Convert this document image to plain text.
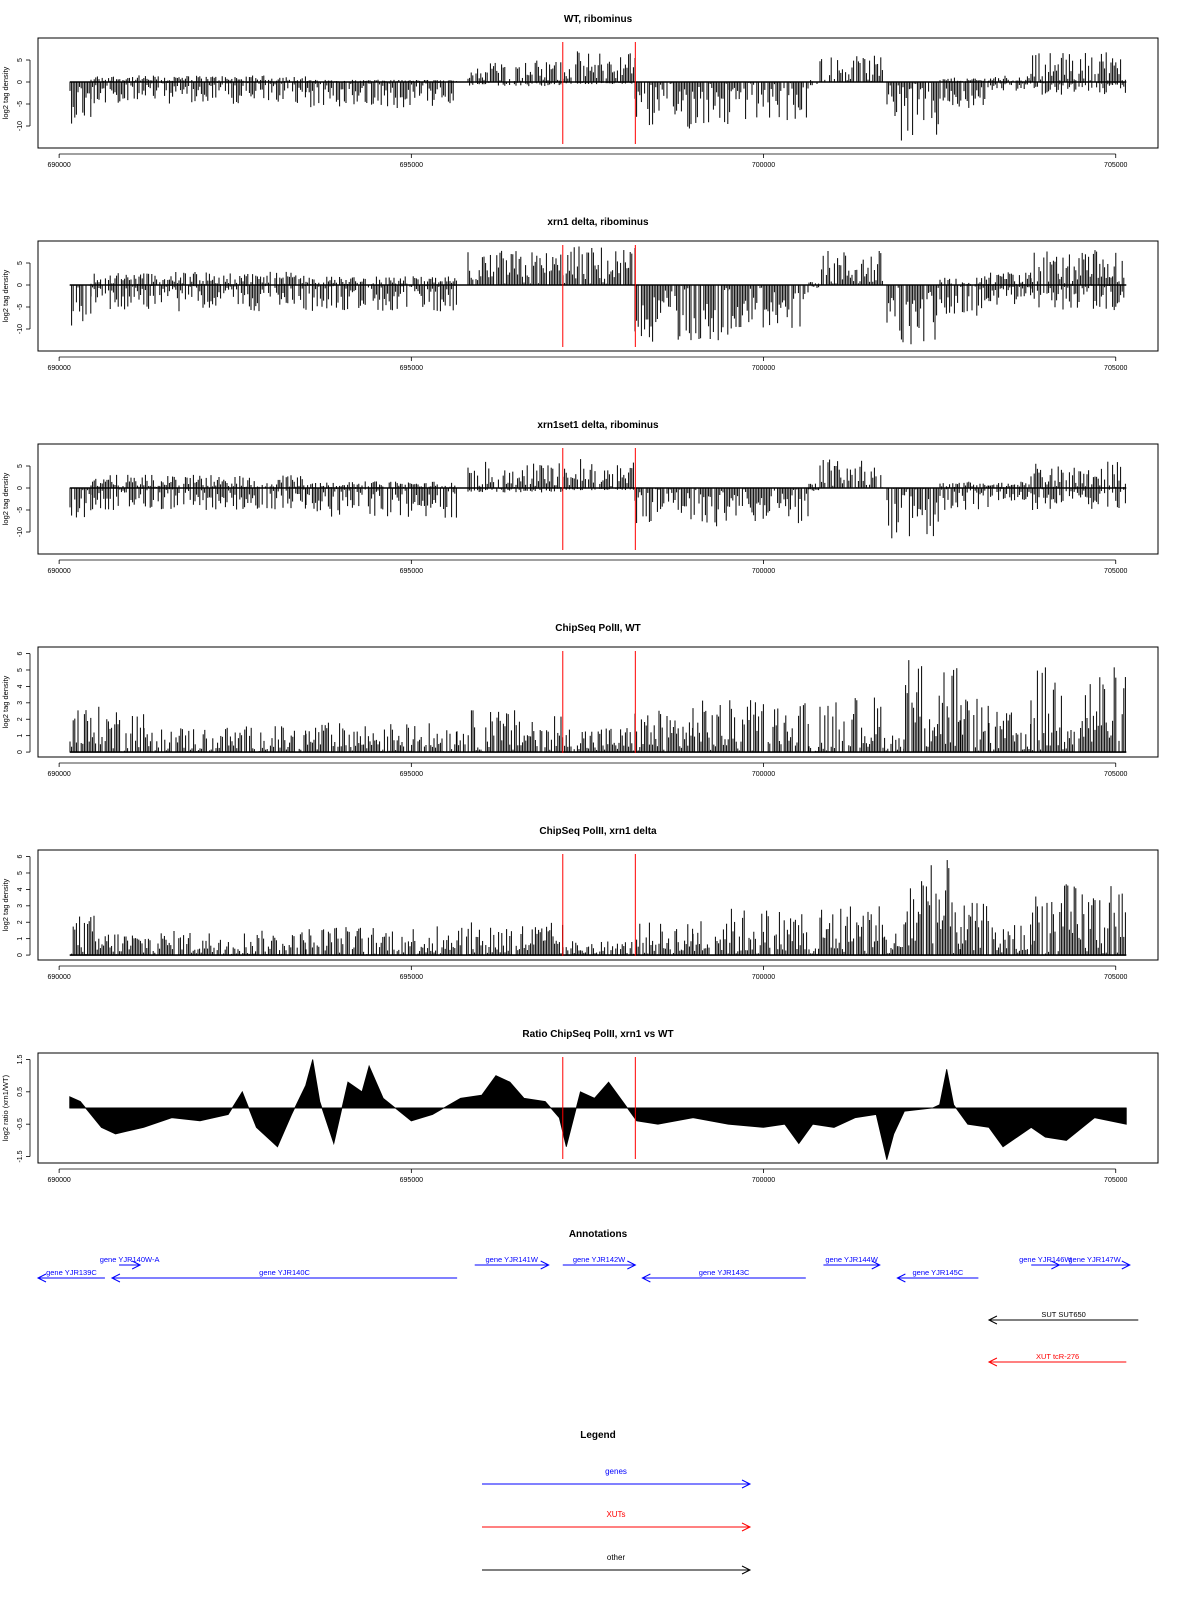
WT, ribominus
-10
-5
0
5
log2 tag density
690000	695000	700000	705000
xrn1 delta, ribominus
-10
-5
0
5
log2 tag density
690000	695000	700000	705000
xrn1set1 delta, ribominus
-10
-5
0
5
log2 tag density
690000	695000	700000	705000
ChipSeq PolII, WT
0
1
2
3
4
5
6
log2 tag density
690000	695000	700000	705000
ChipSeq PolII, xrn1 delta
0
1
2
3
4
5
6
log2 tag density
690000	695000	700000	705000
Ratio ChipSeq PolII, xrn1 vs WT
-1.5
-0.5
0.5
1.5
log2 ratio (xrn1/WT)
690000	695000	700000	705000
Annotations
gene YJR139C
gene YJR140W-A
gene YJR140C
gene YJR141W	gene YJR142W
gene YJR143C
gene YJR144W
gene YJR145C
gene YJR146W
gene YJR147W
SUT SUT650
XUT tcR-276
Legend
genes
XUTs
other
